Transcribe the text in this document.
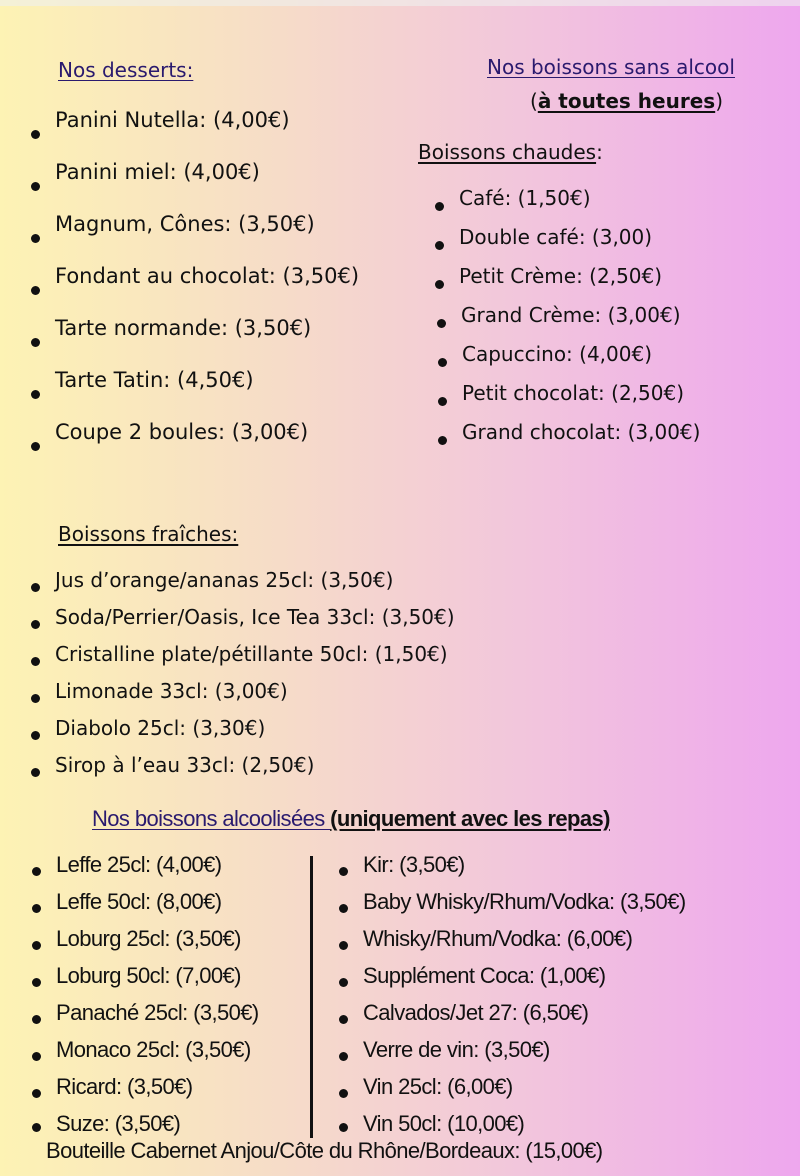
Nos desserts:
Panini Nutella: (4,00€)
Panini miel: (4,00€)
Magnum, Cônes: (3,50€)
Fondant au chocolat: (3,50€)
Tarte normande: (3,50€)
Tarte Tatin: (4,50€)
Coupe 2 boules: (3,00€)
Nos boissons sans alcool
(à toutes heures)
Boissons chaudes:
Café: (1,50€)
Double café: (3,00)
Petit Crème: (2,50€)
Grand Crème: (3,00€)
Capuccino: (4,00€)
Petit chocolat: (2,50€)
Grand chocolat: (3,00€)
Boissons fraîches:
Jus d’orange/ananas 25cl: (3,50€)
Soda/Perrier/Oasis, Ice Tea 33cl: (3,50€)
Cristalline plate/pétillante 50cl: (1,50€)
Limonade 33cl: (3,00€)
Diabolo 25cl: (3,30€)
Sirop à l’eau 33cl: (2,50€)
Nos boissons alcoolisées (uniquement avec les repas)
Leffe 25cl: (4,00€)
Leffe 50cl: (8,00€)
Loburg 25cl: (3,50€)
Loburg 50cl: (7,00€)
Panaché 25cl: (3,50€)
Monaco 25cl: (3,50€)
Ricard: (3,50€)
Suze: (3,50€)
Kir: (3,50€)
Baby Whisky/Rhum/Vodka: (3,50€)
Whisky/Rhum/Vodka: (6,00€)
Supplément Coca: (1,00€)
Calvados/Jet 27: (6,50€)
Verre de vin: (3,50€)
Vin 25cl: (6,00€)
Vin 50cl: (10,00€)
Bouteille Cabernet Anjou/Côte du Rhône/Bordeaux: (15,00€)
